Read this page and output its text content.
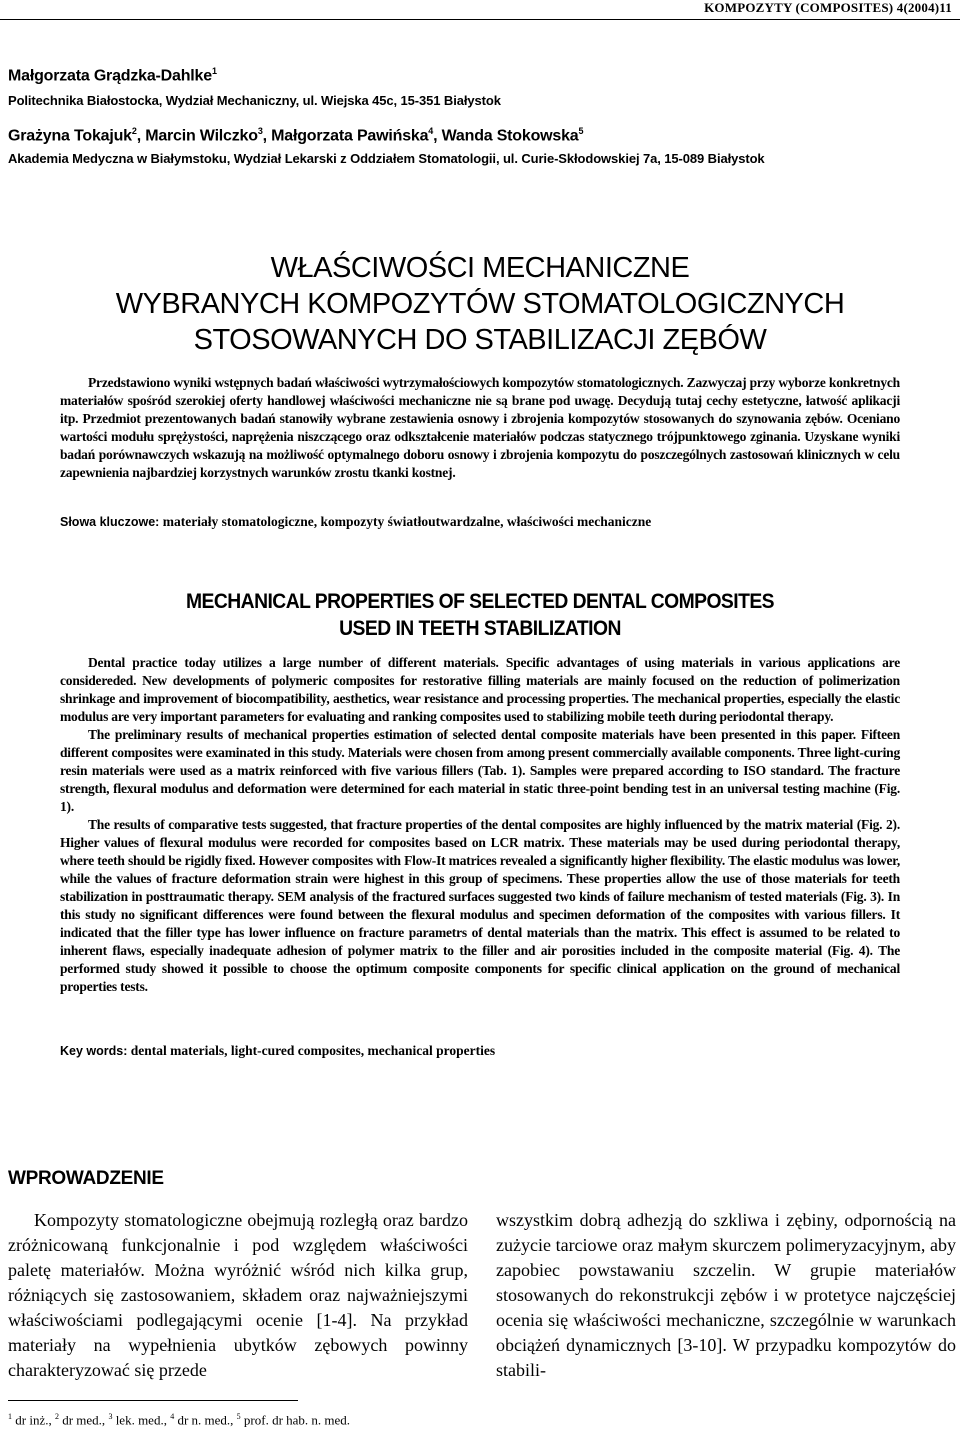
KOMPOZYTY (COMPOSITES) 4(2004)11
Małgorzata Grądzka-Dahlke$^1$
Politechnika Białostocka, Wydział Mechaniczny, ul. Wiejska 45c, 15-351 Białystok
Grażyna Tokajuk$^2$, Marcin Wilczko$^3$, Małgorzata Pawińska$^4$, Wanda Stokowska$^5$
Akademia Medyczna w Białymstoku, Wydział Lekarski z Oddziałem Stomatologii, ul. Curie-Skłodowskiej 7a, 15-089 Białystok
WŁAŚCIWOŚCI MECHANICZNE
WYBRANYCH KOMPOZYTÓW STOMATOLOGICZNYCH
STOSOWANYCH DO STABILIZACJI ZĘBÓW
Przedstawiono wyniki wstępnych badań właściwości wytrzymałościowych kompozytów stomatologicznych. Zazwyczaj przy wyborze konkretnych materiałów spośród szerokiej oferty handlowej właściwości mechaniczne nie są brane pod uwagę. Decydują tutaj cechy estetyczne, łatwość aplikacji itp. Przedmiot prezentowanych badań stanowiły wybrane zestawienia osnowy i zbrojenia kompozytów stosowanych do szynowania zębów. Oceniano wartości modułu sprężystości, naprężenia niszczącego oraz odkształcenie materiałów podczas statycznego trójpunktowego zginania. Uzyskane wyniki badań porównawczych wskazują na możliwość optymalnego doboru osnowy i zbrojenia kompozytu do poszczególnych zastosowań klinicznych w celu zapewnienia najbardziej korzystnych warunków zrostu tkanki kostnej.
Słowa kluczowe: materiały stomatologiczne, kompozyty światłoutwardzalne, właściwości mechaniczne
MECHANICAL PROPERTIES OF SELECTED DENTAL COMPOSITES
USED IN TEETH STABILIZATION

Dental practice today utilizes a large number of different materials. Specific advantages of using materials in various applications are considereded. New developments of polymeric composites for restorative filling materials are mainly focused on the reduction of polimerization shrinkage and improvement of biocompatibility, aesthetics, wear resistance and processing properties. The mechanical properties, especially the elastic modulus are very important parameters for evaluating and ranking composites used to stabilizing mobile teeth during periodontal therapy.

The preliminary results of mechanical properties estimation of selected dental composite materials have been presented in this paper. Fifteen different composites were examinated in this study. Materials were chosen from among present commercially available components. Three light-curing resin materials were used as a matrix reinforced with five various fillers (Tab. 1). Samples were prepared according to ISO standard. The fracture strength, flexural modulus and deformation were determined for each material in static three-point bending test in an universal testing machine (Fig. 1).

The results of comparative tests suggested, that fracture properties of the dental composites are highly influenced by the matrix material (Fig. 2). Higher values of flexural modulus were recorded for composites based on LCR matrix. These materials may be used during periodontal therapy, where teeth should be rigidly fixed. However composites with Flow-It matrices revealed a significantly higher flexibility. The elastic modulus was lower, while the values of fracture deformation strain were highest in this group of specimens. These properties allow the use of those materials for teeth stabilization in posttraumatic therapy. SEM analysis of the fractured surfaces suggested two kinds of failure mechanism of tested materials (Fig. 3). In this study no significant differences were found between the flexural modulus and specimen deformation of the composites with various fillers. It indicated that the filler type has lower influence on fracture parametrs of dental materials than the matrix. This effect is assumed to be related to inherent flaws, especially inadequate adhesion of polymer matrix to the filler and air porosities included in the composite material (Fig. 4). The performed study showed it possible to choose the optimum composite components for specific clinical application on the ground of mechanical properties tests.

Key words: dental materials, light-cured composites, mechanical properties
WPROWADZENIE
Kompozyty stomatologiczne obejmują rozległą oraz bardzo zróżnicowaną funkcjonalnie i pod względem właściwości paletę materiałów. Można wyróżnić wśród nich kilka grup, różniących się zastosowaniem, składem oraz najważniejszymi właściwościami podlegającymi ocenie [1-4]. Na przykład materiały na wypełnienia ubytków zębowych powinny charakteryzować się przede
wszystkim dobrą adhezją do szkliwa i zębiny, odpornością na zużycie tarciowe oraz małym skurczem polimeryzacyjnym, aby zapobiec powstawaniu szczelin. W grupie materiałów stosowanych do rekonstrukcji zębów i w protetyce najczęściej ocenia się właściwości mechaniczne, szczególnie w warunkach obciążeń dynamicznych [3-10]. W przypadku kompozytów do stabili-
$^1$ dr inż., $^2$ dr med., $^3$ lek. med., $^4$ dr n. med., $^5$ prof. dr hab. n. med.
